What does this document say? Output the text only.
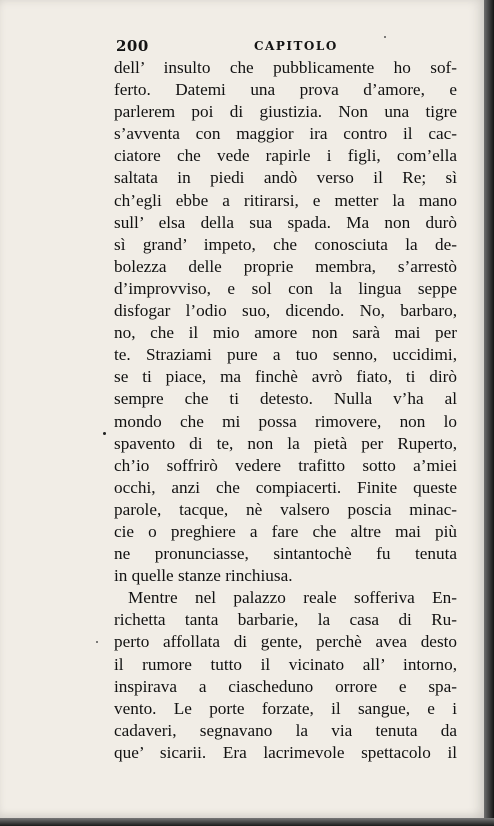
200	CAPITOLO
dell’ insulto che pubblicamente ho sof-
ferto. Datemi una prova d’amore, e
parlerem poi di giustizia. Non una tigre
s’avventa con maggior ira contro il cac-
ciatore che vede rapirle i figli, com’ella
saltata in piedi andò verso il Re; sì
ch’egli ebbe a ritirarsi, e metter la mano
sull’ elsa della sua spada. Ma non durò
sì grand’ impeto, che conosciuta la de-
bolezza delle proprie membra, s’arrestò
d’improvviso, e sol con la lingua seppe
disfogar l’odio suo, dicendo. No, barbaro,
no, che il mio amore non sarà mai per
te. Straziami pure a tuo senno, uccidimi,
se ti piace, ma finchè avrò fiato, ti dirò
sempre che ti detesto. Nulla v’ha al
mondo che mi possa rimovere, non lo
spavento di te, non la pietà per Ruperto,
ch’io soffrirò vedere trafitto sotto a’miei
occhi, anzi che compiacerti. Finite queste
parole, tacque, nè valsero poscia minac-
cie o preghiere a fare che altre mai più
ne pronunciasse, sintantochè fu tenuta
in quelle stanze rinchiusa.
Mentre nel palazzo reale sofferiva En-
richetta tanta barbarie, la casa di Ru-
perto affollata di gente, perchè avea desto
il rumore tutto il vicinato all’ intorno,
inspirava a ciascheduno orrore e spa-
vento. Le porte forzate, il sangue, e i
cadaveri, segnavano la via tenuta da
que’ sicarii. Era lacrimevole spettacolo il
